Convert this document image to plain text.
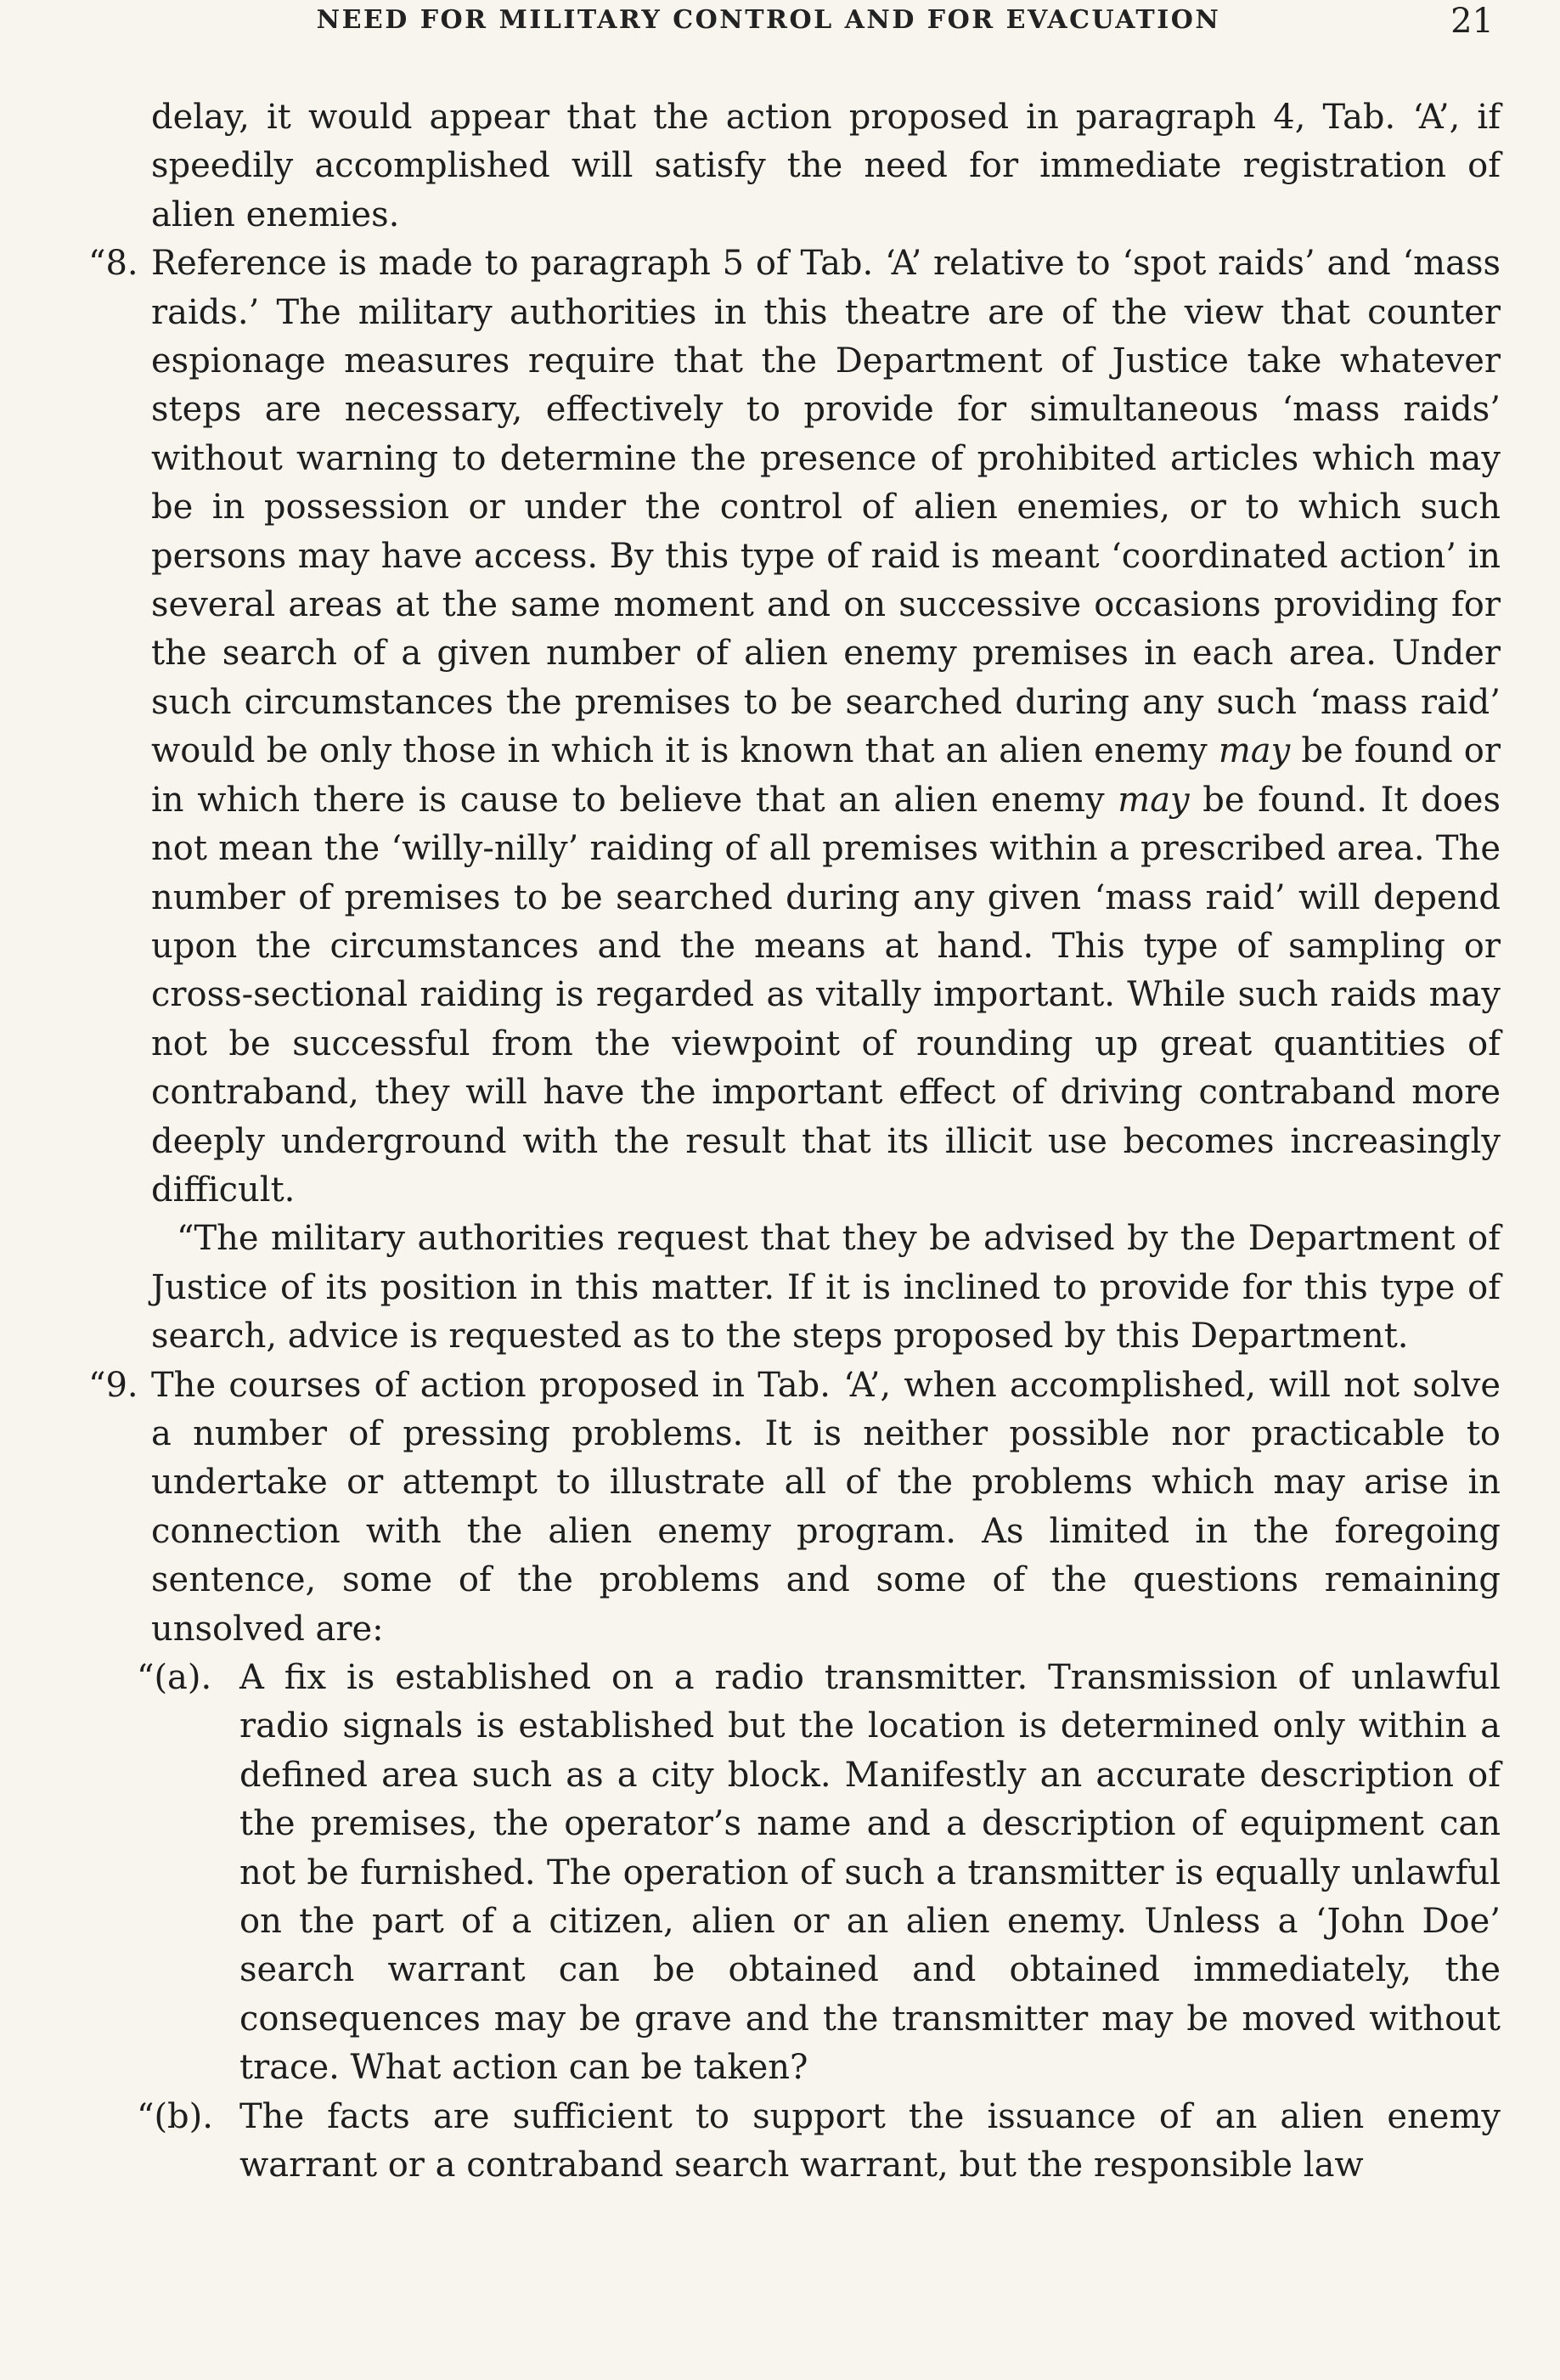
NEED FOR MILITARY CONTROL AND FOR EVACUATION	21

delay, it would appear that the action proposed in paragraph 4, Tab. ‘A’, if speedily accomplished will satisfy the need for immediate registration of alien enemies.

“8. Reference is made to paragraph 5 of Tab. ‘A’ relative to ‘spot raids’ and ‘mass raids.’ The military authorities in this theatre are of the view that counter espionage measures require that the Department of Justice take whatever steps are necessary, effectively to provide for simultaneous ‘mass raids’ without warning to determine the presence of prohibited articles which may be in possession or under the control of alien enemies, or to which such persons may have access. By this type of raid is meant ‘coordinated action’ in several areas at the same moment and on successive occasions providing for the search of a given number of alien enemy premises in each area. Under such circumstances the premises to be searched during any such ‘mass raid’ would be only those in which it is known that an alien enemy may be found or in which there is cause to believe that an alien enemy may be found. It does not mean the ‘willy-nilly’ raiding of all premises within a prescribed area. The number of premises to be searched during any given ‘mass raid’ will depend upon the circumstances and the means at hand. This type of sampling or cross-sectional raiding is regarded as vitally important. While such raids may not be successful from the viewpoint of rounding up great quantities of contraband, they will have the important effect of driving contraband more deeply underground with the result that its illicit use becomes increasingly difficult.

“The military authorities request that they be advised by the Department of Justice of its position in this matter. If it is inclined to provide for this type of search, advice is requested as to the steps proposed by this Department.

“9. The courses of action proposed in Tab. ‘A’, when accomplished, will not solve a number of pressing problems. It is neither possible nor practicable to undertake or attempt to illustrate all of the problems which may arise in connection with the alien enemy program. As limited in the foregoing sentence, some of the problems and some of the questions remaining unsolved are:

“(a). A fix is established on a radio transmitter. Transmission of unlawful radio signals is established but the location is determined only within a defined area such as a city block. Manifestly an accurate description of the premises, the operator’s name and a description of equipment can not be furnished. The operation of such a transmitter is equally unlawful on the part of a citizen, alien or an alien enemy. Unless a ‘John Doe’ search warrant can be obtained and obtained immediately, the consequences may be grave and the transmitter may be moved without trace. What action can be taken?

“(b). The facts are sufficient to support the issuance of an alien enemy warrant or a contraband search warrant, but the responsible law
